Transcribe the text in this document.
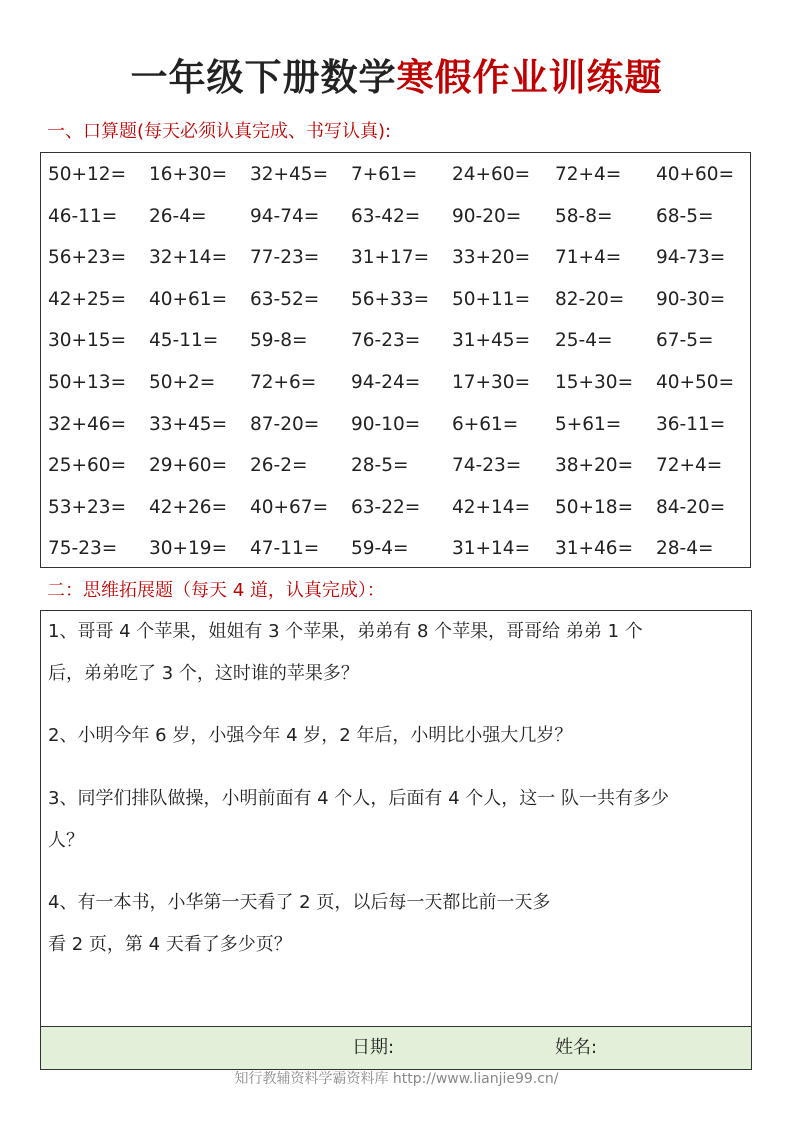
一年级下册数学寒假作业训练题
一、口算题(每天必须认真完成、书写认真):
50+12= 16+30= 32+45= 7+61= 24+60= 72+4= 40+60=
46-11= 26-4= 94-74= 63-42= 90-20= 58-8= 68-5=
56+23= 32+14= 77-23= 31+17= 33+20= 71+4= 94-73=
42+25= 40+61= 63-52= 56+33= 50+11= 82-20= 90-30=
30+15= 45-11= 59-8= 76-23= 31+45= 25-4= 67-5=
50+13= 50+2= 72+6= 94-24= 17+30= 15+30= 40+50=
32+46= 33+45= 87-20= 90-10= 6+61= 5+61= 36-11=
25+60= 29+60= 26-2= 28-5= 74-23= 38+20= 72+4=
53+23= 42+26= 40+67= 63-22= 42+14= 50+18= 84-20=
75-23= 30+19= 47-11= 59-4= 31+14= 31+46= 28-4=
二：思维拓展题（每天 4 道，认真完成）：
日期:	姓名:
1、哥哥 4 个苹果，姐姐有 3 个苹果，弟弟有 8 个苹果，哥哥给 弟弟 1 个
后，弟弟吃了 3 个，这时谁的苹果多？
2、小明今年 6 岁，小强今年 4 岁，2 年后，小明比小强大几岁？
3、同学们排队做操，小明前面有 4 个人，后面有 4 个人，这一 队一共有多少
人？
4、有一本书，小华第一天看了 2 页，以后每一天都比前一天多
看 2 页，第 4 天看了多少页？
知行教辅资料学霸资料库 http://www.lianjie99.cn/
